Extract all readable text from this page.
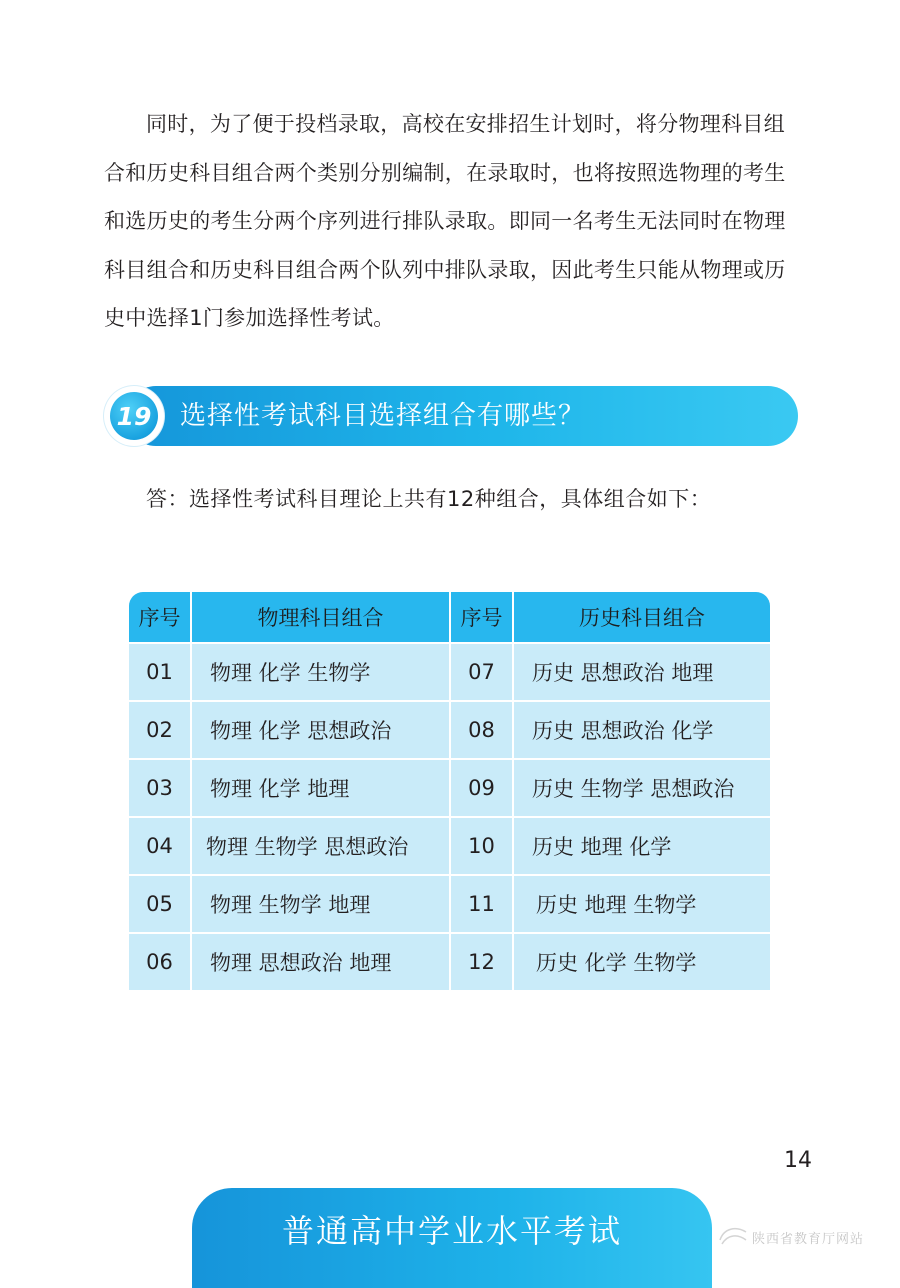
同时，为了便于投档录取，高校在安排招生计划时，将分物理科目组

合和历史科目组合两个类别分别编制，在录取时，也将按照选物理的考生
和选历史的考生分两个序列进行排队录取。即同一名考生无法同时在物理
科目组合和历史科目组合两个队列中排队录取，因此考生只能从物理或历
史中选择1门参加选择性考试。
19 选择性考试科目选择组合有哪些？
答：选择性考试科目理论上共有12种组合，具体组合如下：
序号	物理科目组合	序号	历史科目组合
01	物理 化学 生物学	07	历史 思想政治 地理
02	物理 化学 思想政治	08	历史 思想政治 化学
03	物理 化学 地理	09	历史 生物学 思想政治
04	物理 生物学 思想政治	10	历史 地理 化学
05	物理 生物学 地理	11	历史 地理 生物学
06	物理 思想政治 地理	12	历史 化学 生物学
14
普通高中学业水平考试	陕西省教育厅网站
